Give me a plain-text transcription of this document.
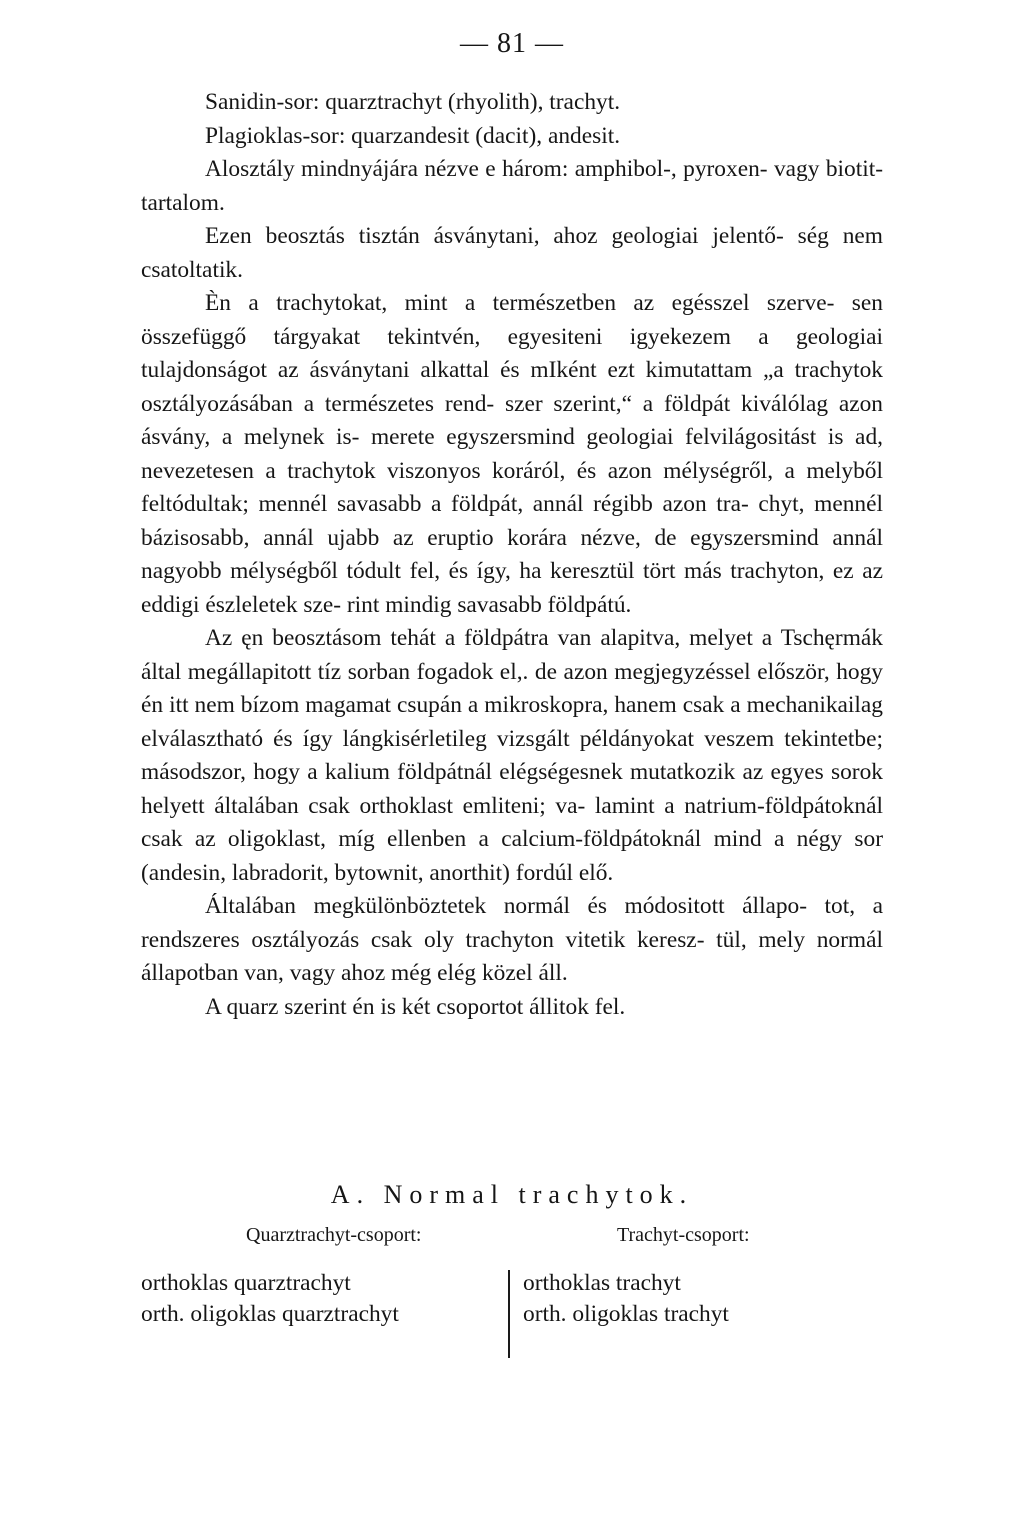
— 81 —

Sanidin-sor: quarztrachyt (rhyolith), trachyt.

Plagioklas-sor: quarzandesit (dacit), andesit.

Alosztály mindnyájára nézve e három: amphibol-, pyroxen- vagy biotit-tartalom.

Ezen beosztás tisztán ásványtani, ahoz geologiai jelentő- ség nem csatoltatik.

Èn a trachytokat, mint a természetben az egésszel szerve- sen összefüggő tárgyakat tekintvén, egyesiteni igyekezem a geologiai tulajdonságot az ásványtani alkattal és mIként ezt kimutattam „a trachytok osztályozásában a természetes rend- szer szerint,“ a földpát kiválólag azon ásvány, a melynek is- merete egyszersmind geologiai felvilágositást is ad, nevezetesen a trachytok viszonyos koráról, és azon mélységről, a melyből feltódultak; mennél savasabb a földpát, annál régibb azon tra- chyt, mennél bázisosabb, annál ujabb az eruptio korára nézve, de egyszersmind annál nagyobb mélységből tódult fel, és így, ha keresztül tört más trachyton, ez az eddigi észleletek sze- rint mindig savasabb földpátú.

Az ęn beosztásom tehát a földpátra van alapitva, melyet a Tschęrmák által megállapitott tíz sorban fogadok el,. de azon megjegyzéssel először, hogy én itt nem bízom magamat csupán a mikroskopra, hanem csak a mechanikailag elválasztható és így lángkisérletileg vizsgált példányokat veszem tekintetbe; másodszor, hogy a kalium földpátnál elégségesnek mutatkozik az egyes sorok helyett általában csak orthoklast emliteni; va- lamint a natrium-földpátoknál csak az oligoklast, míg ellenben a calcium-földpátoknál mind a négy sor (andesin, labradorit, bytownit, anorthit) fordúl elő.

Általában megkülönböztetek normál és módositott állapo- tot, a rendszeres osztályozás csak oly trachyton vitetik keresz- tül, mely normál állapotban van, vagy ahoz még elég közel áll.

A quarz szerint én is két csoportot állitok fel.

A. Normal trachytok.
Quarztrachyt-csoport:	Trachyt-csoport:
orthoklas quarztrachyt
orth. oligoklas quarztrachyt
orthoklas trachyt
orth. oligoklas trachyt
